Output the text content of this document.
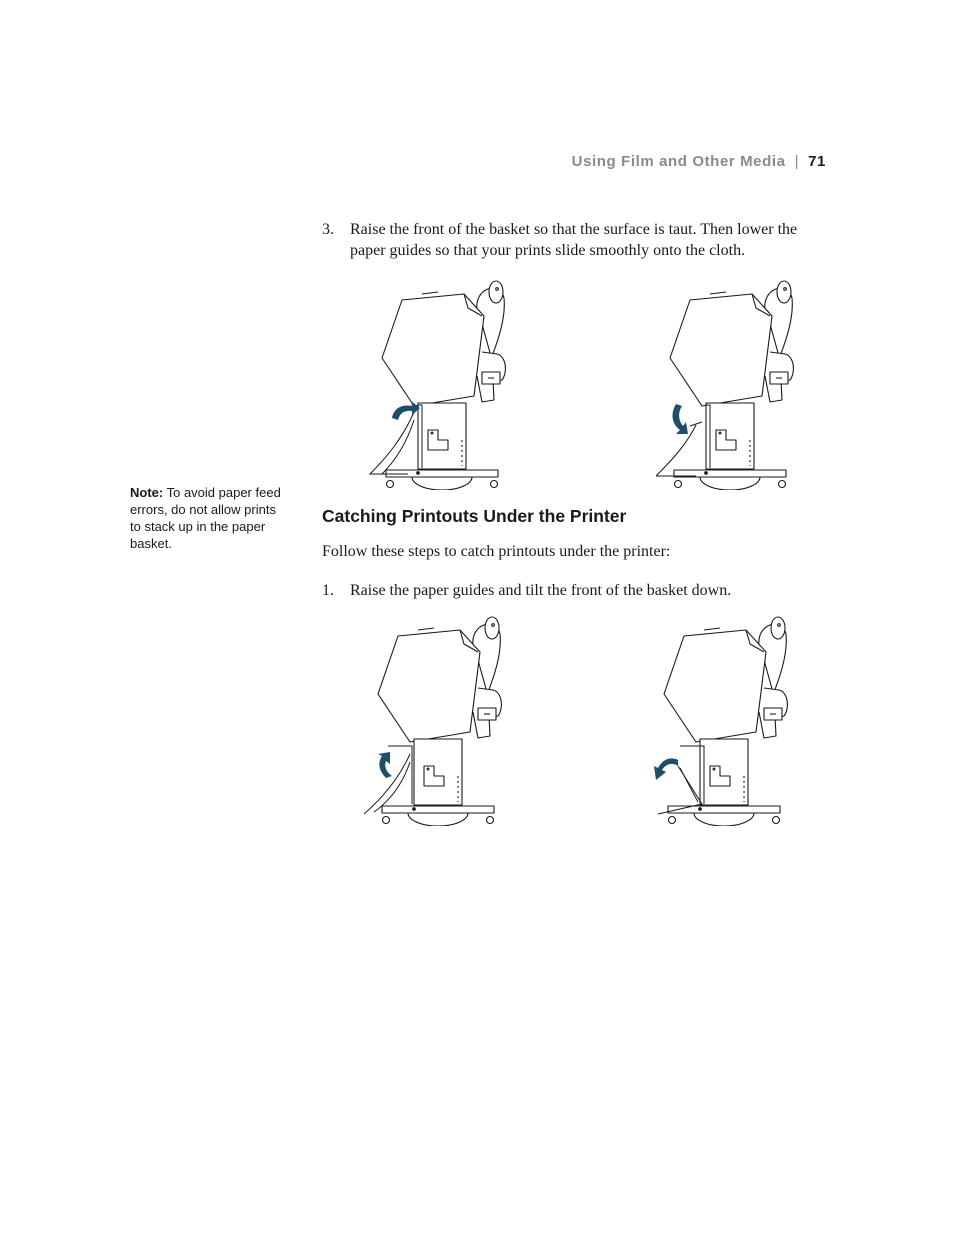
Using Film and Other Media | 71
3.	Raise the front of the basket so that the surface is taut. Then lower the paper guides so that your prints slide smoothly onto the cloth.
Note: To avoid paper feed errors, do not allow prints to stack up in the paper basket.
Catching Printouts Under the Printer
Follow these steps to catch printouts under the printer:
1.	Raise the paper guides and tilt the front of the basket down.
